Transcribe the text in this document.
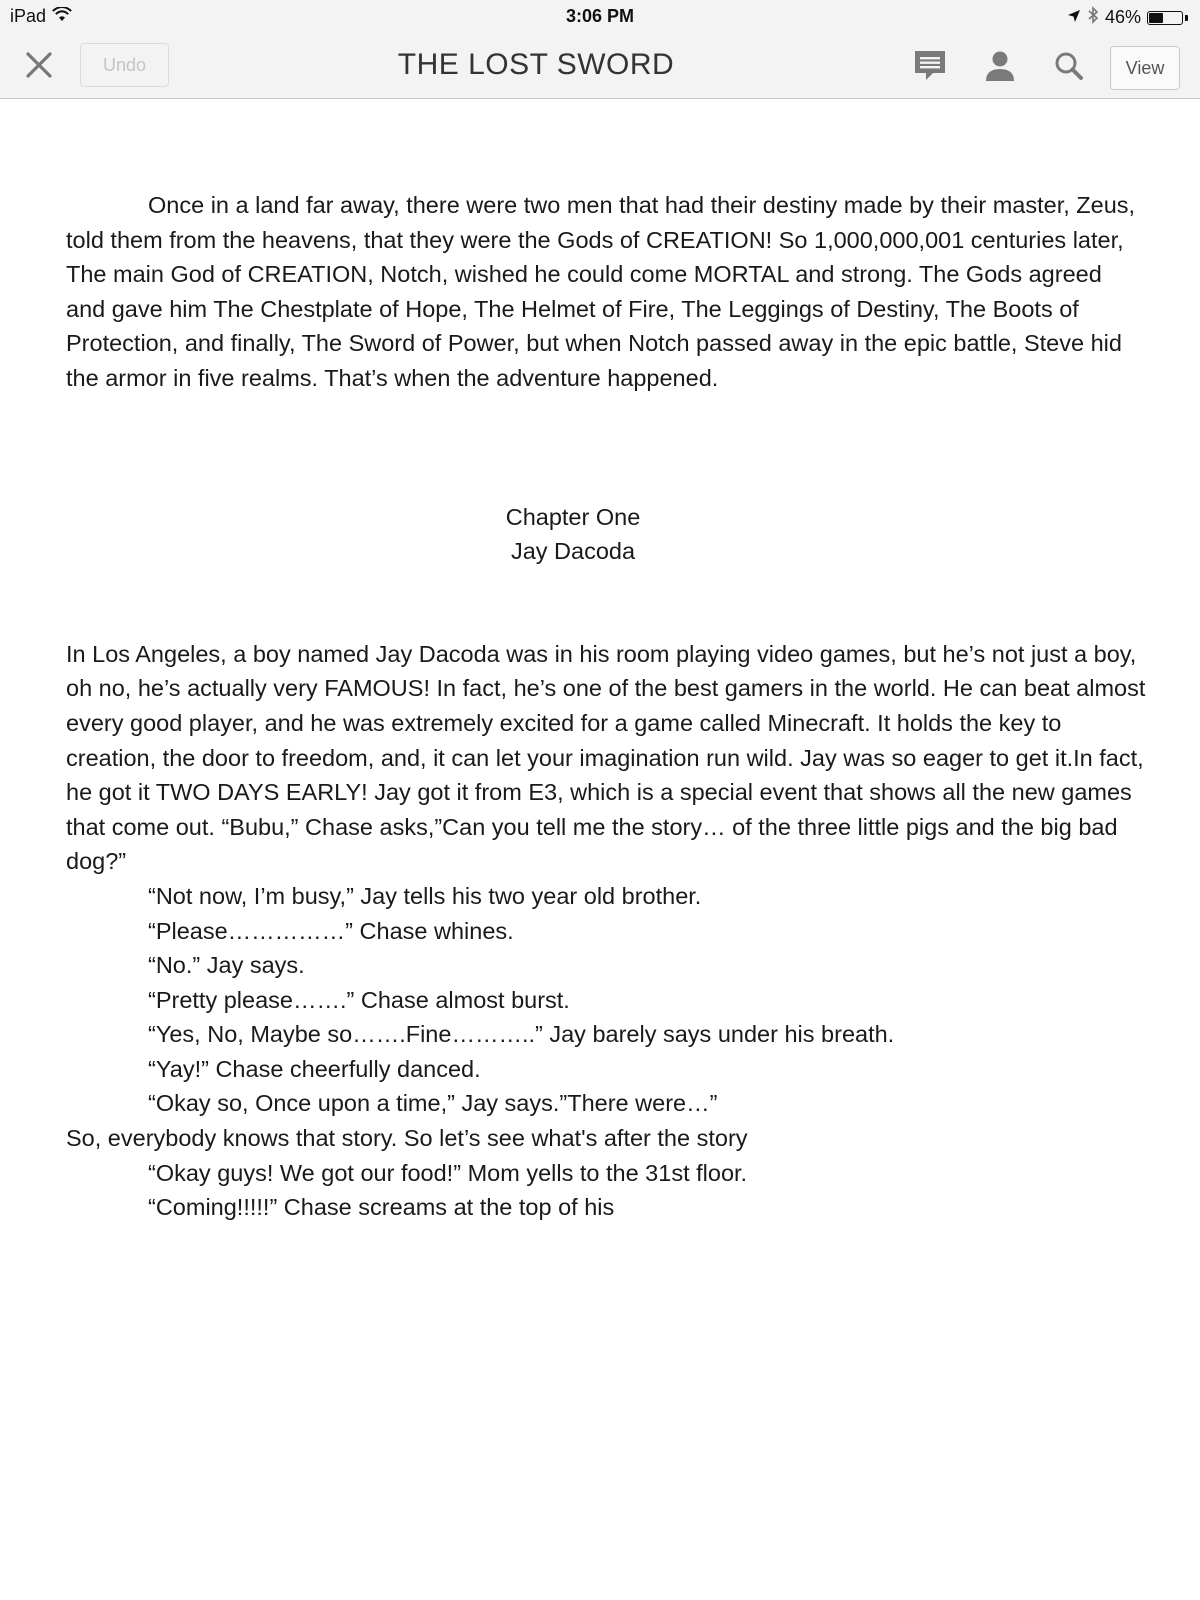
iPad	3:06 PM	46%
Undo	THE LOST SWORD	View

Once in a land far away, there were two men that had their destiny made by their master, Zeus, told them from the heavens, that they were the Gods of CREATION! So 1,000,000,001 centuries later, The main God of CREATION, Notch, wished he could come MORTAL and strong. The Gods agreed and gave him The Chestplate of Hope, The Helmet of Fire, The Leggings of Destiny, The Boots of Protection, and finally, The Sword of Power, but when Notch passed away in the epic battle, Steve hid the armor in five realms. That’s when the adventure happened.

Chapter One

Jay Dacoda

In Los Angeles, a boy named Jay Dacoda was in his room playing video games, but he’s not just a boy, oh no, he’s actually very FAMOUS! In fact, he’s one of the best gamers in the world. He can beat almost every good player, and he was extremely excited for a game called Minecraft. It holds the key to creation, the door to freedom, and, it can let your imagination run wild. Jay was so eager to get it.In fact, he got it TWO DAYS EARLY! Jay got it from E3, which is a special event that shows all the new games that come out. “Bubu,” Chase asks,”Can you tell me the story… of the three little pigs and the big bad dog?”

“Not now, I’m busy,” Jay tells his two year old brother.

“Please……………” Chase whines.

“No.” Jay says.

“Pretty please…….” Chase almost burst.

“Yes, No, Maybe so…….Fine………..” Jay barely says under his breath.

“Yay!” Chase cheerfully danced.

“Okay so, Once upon a time,” Jay says.”There were…”

So, everybody knows that story. So let’s see what's after the story

“Okay guys! We got our food!” Mom yells to the 31st floor.

“Coming!!!!!” Chase screams at the top of his
